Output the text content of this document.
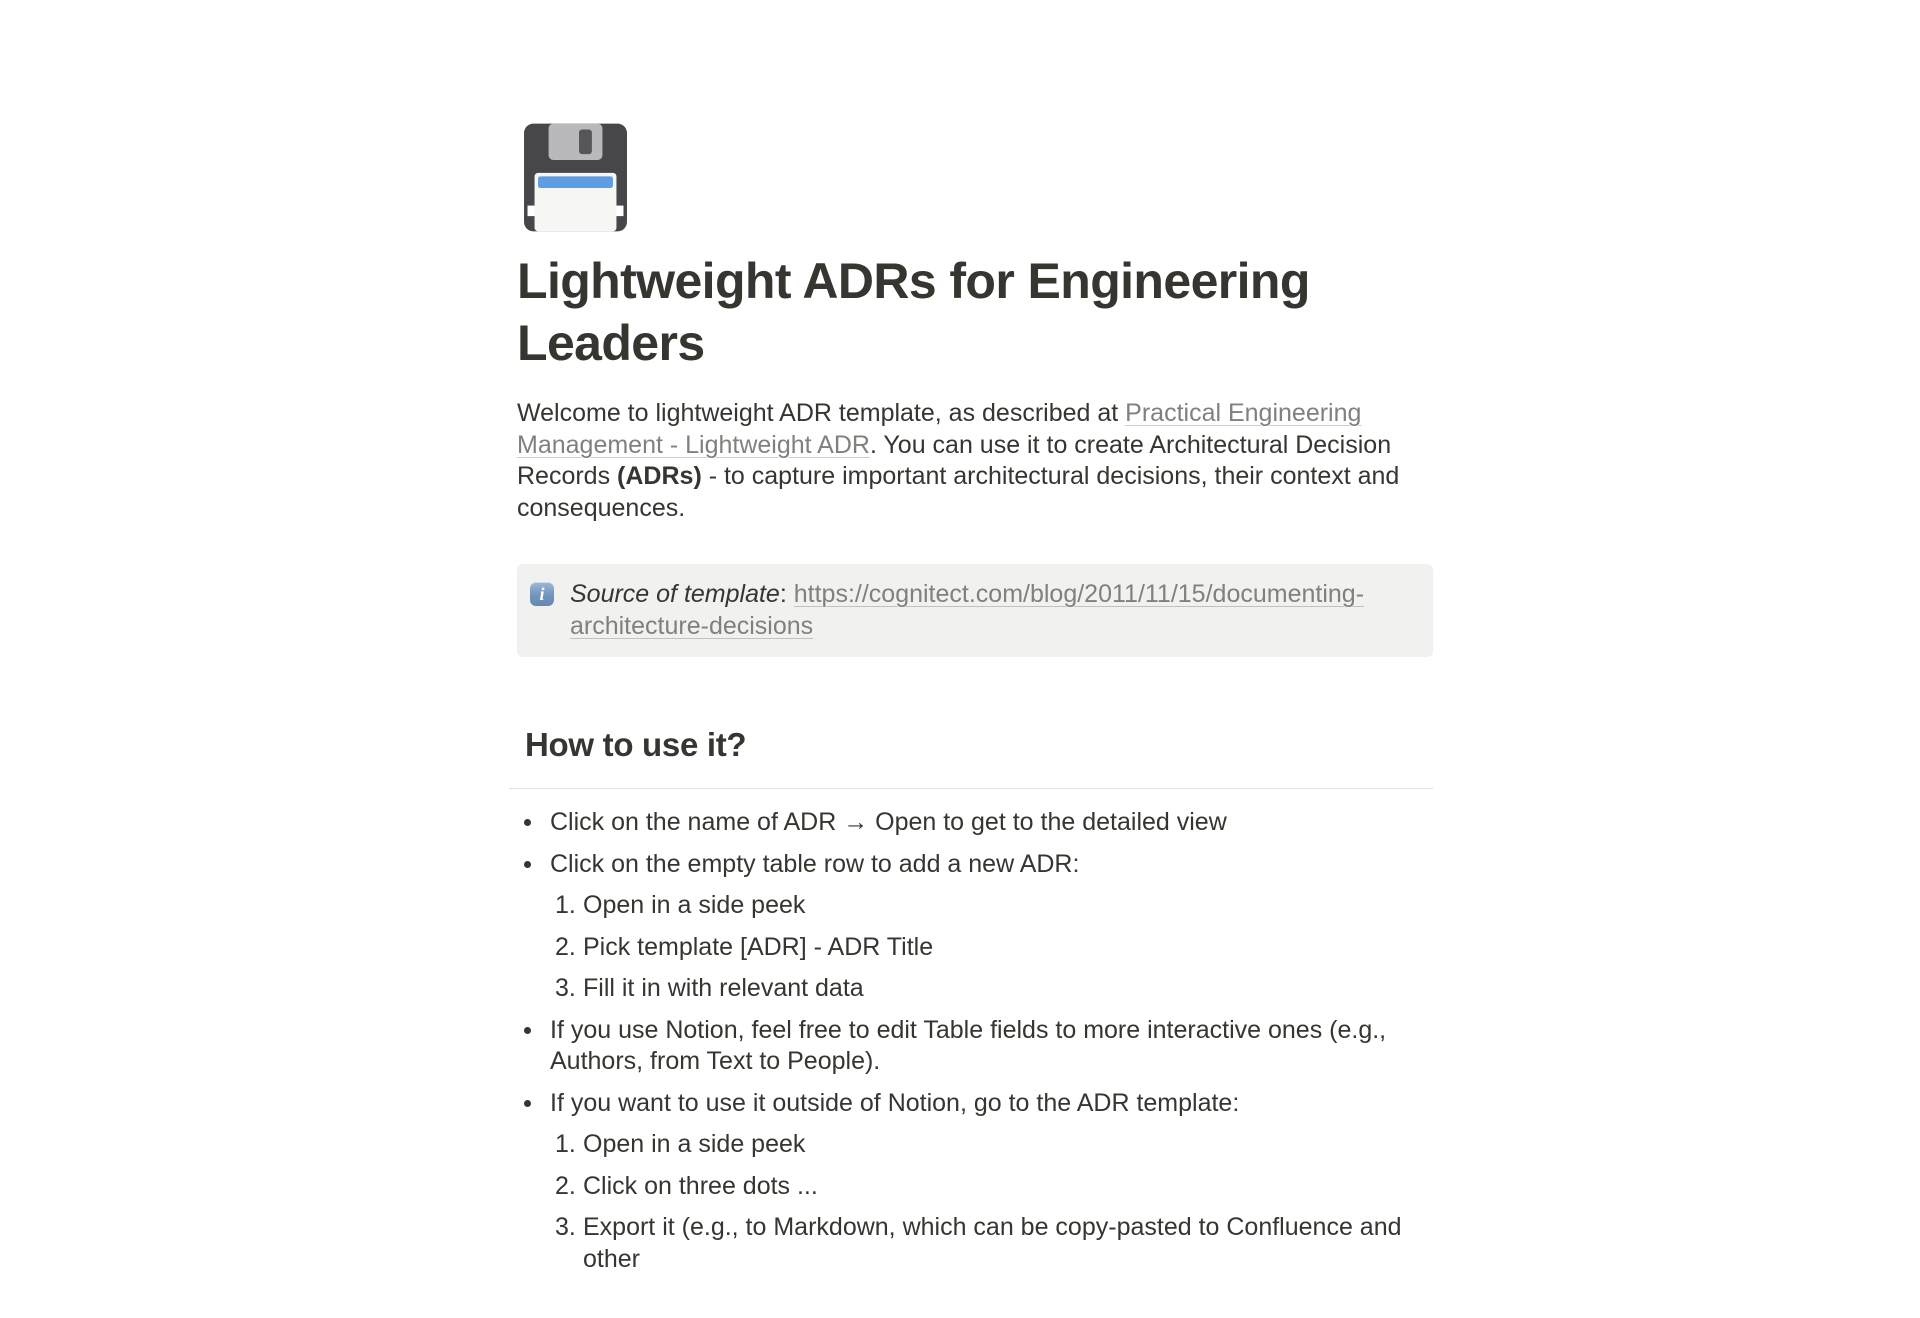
Lightweight ADRs for Engineering Leaders

Welcome to lightweight ADR template, as described at Practical Engineering Management - Lightweight ADR. You can use it to create Architectural Decision Records (ADRs) - to capture important architectural decisions, their context and consequences.

i	Source of template: https://cognitect.com/blog/2011/11/15/documenting-architecture-decisions
How to use it?
Click on the name of ADR → Open to get to the detailed view
Click on the empty table row to add a new ADR:
1. Open in a side peek
2. Pick template [ADR] - ADR Title
3. Fill it in with relevant data
If you use Notion, feel free to edit Table fields to more interactive ones (e.g., Authors, from Text to People).
If you want to use it outside of Notion, go to the ADR template:
1. Open in a side peek
2. Click on three dots ...
3. Export it (e.g., to Markdown, which can be copy-pasted to Confluence and other
